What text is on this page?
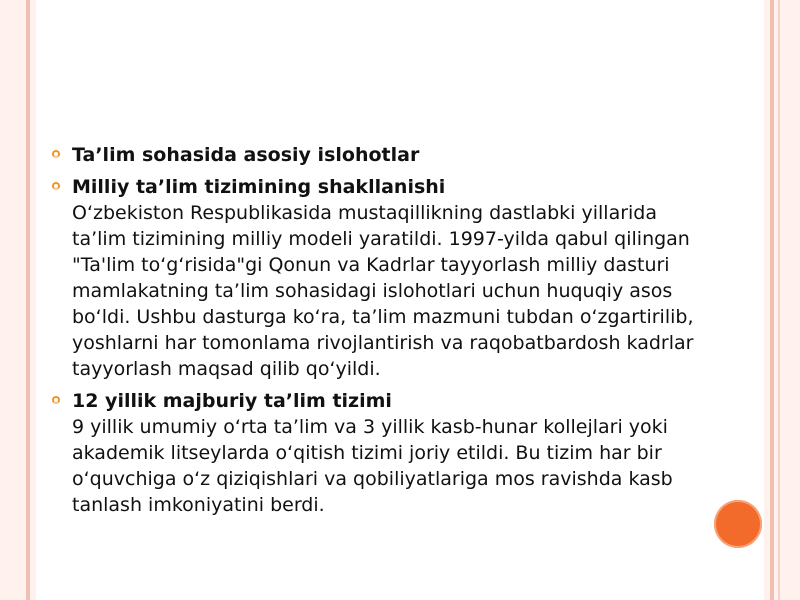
Ta’lim sohasida asosiy islohotlar
Milliy ta’lim tizimining shakllanishi
O‘zbekiston Respublikasida mustaqillikning dastlabki yillarida ta’lim tizimining milliy modeli yaratildi. 1997-yilda qabul qilingan "Ta'lim to‘g‘risida"gi Qonun va Kadrlar tayyorlash milliy dasturi mamlakatning ta’lim sohasidagi islohotlari uchun huquqiy asos bo‘ldi. Ushbu dasturga ko‘ra, ta’lim mazmuni tubdan o‘zgartirilib, yoshlarni har tomonlama rivojlantirish va raqobatbardosh kadrlar tayyorlash maqsad qilib qo‘yildi.
12 yillik majburiy ta’lim tizimi
9 yillik umumiy o‘rta ta’lim va 3 yillik kasb-hunar kollejlari yoki akademik litseylarda o‘qitish tizimi joriy etildi. Bu tizim har bir o‘quvchiga o‘z qiziqishlari va qobiliyatlariga mos ravishda kasb tanlash imkoniyatini berdi.
